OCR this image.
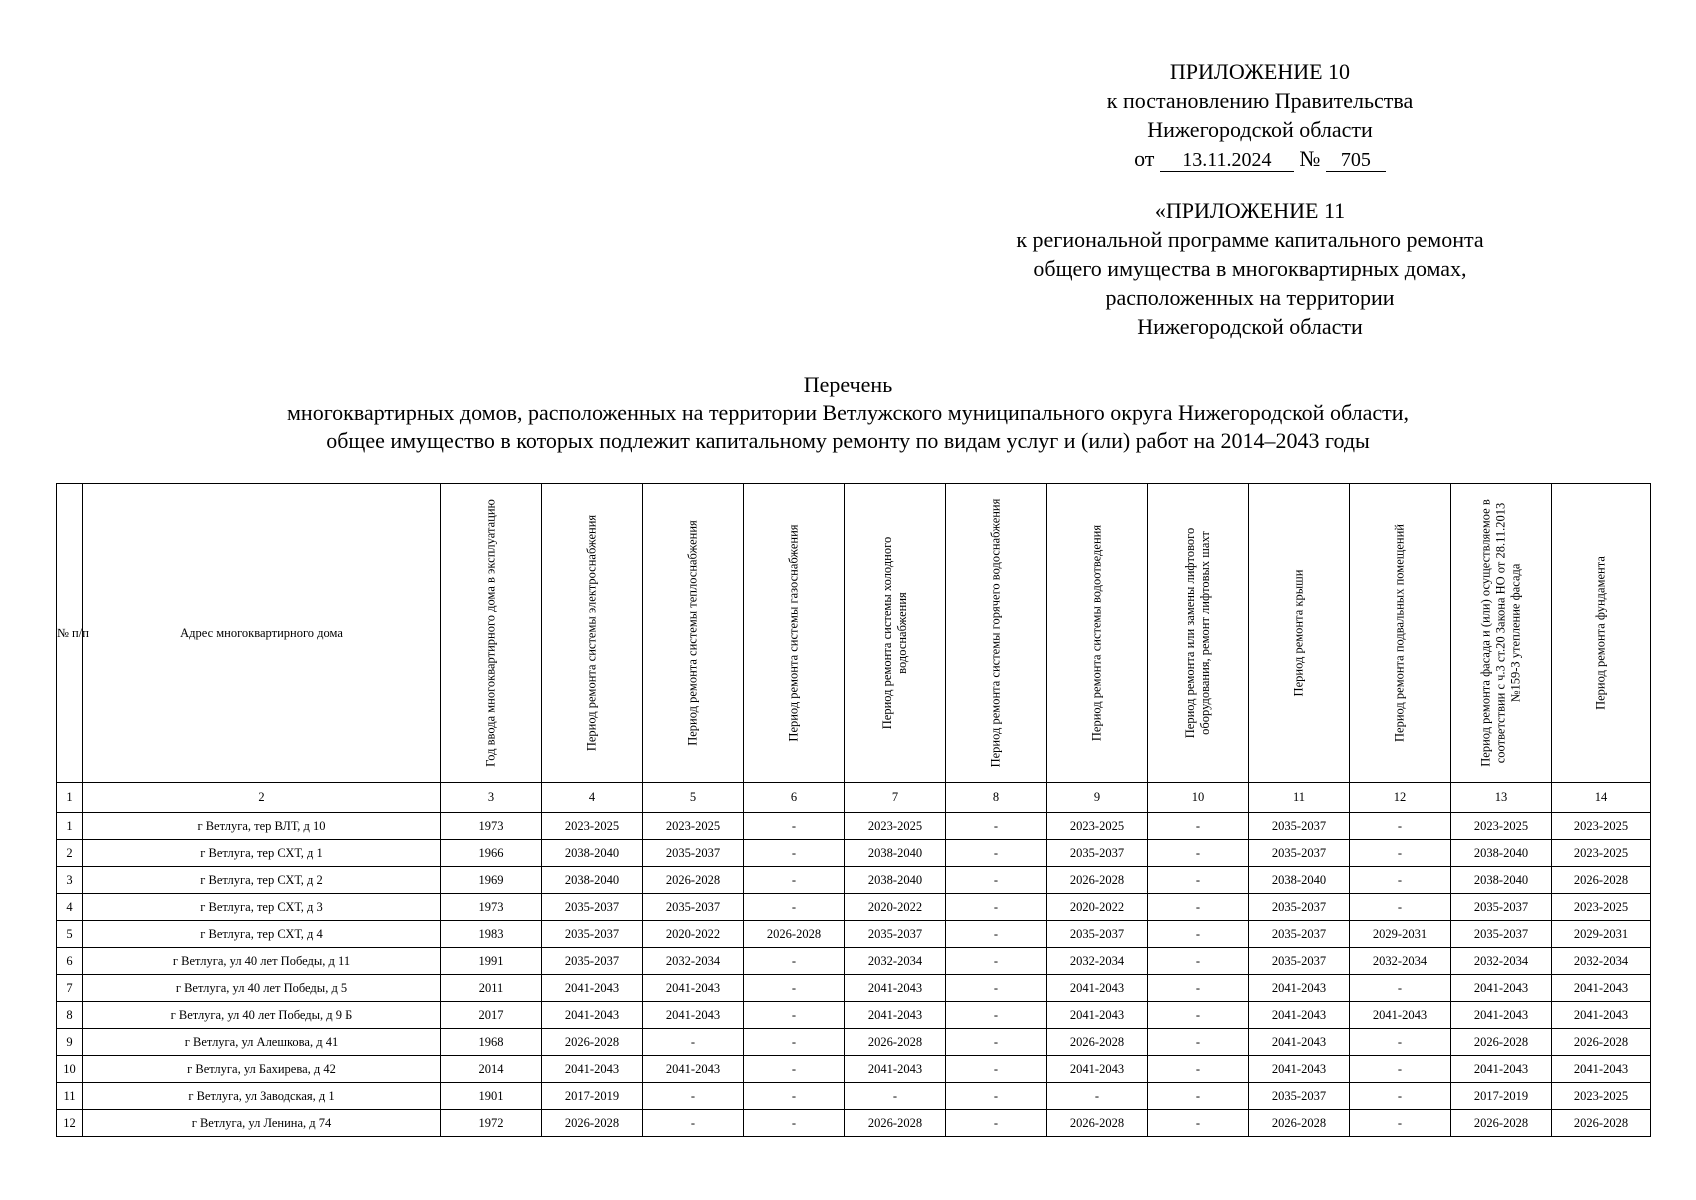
ПРИЛОЖЕНИЕ 10
к постановлению Правительства
Нижегородской области
от 13.11.2024 № 705
«ПРИЛОЖЕНИЕ 11
к региональной программе капитального ремонта
общего имущества в многоквартирных домах,
расположенных на территории
Нижегородской области
Перечень
многоквартирных домов, расположенных на территории Ветлужского муниципального округа Нижегородской области,
общее имущество в которых подлежит капитальному ремонту по видам услуг и (или) работ на 2014–2043 годы
№ п/п	Адрес многоквартирного дома	Год ввода многоквартирного дома в эксплуатацию	Период ремонта системы электроснабжения	Период ремонта системы теплоснабжения	Период ремонта системы газоснабжения	Период ремонта системы холодного водоснабжения	Период ремонта системы горячего водоснабжения	Период ремонта системы водоотведения	Период ремонта или замены лифтового оборудования, ремонт лифтовых шахт	Период ремонта крыши	Период ремонта подвальных помещений	Период ремонта фасада и (или) осуществляемое в соответствии с ч.3 ст.20 Закона НО от 28.11.2013 №159-З утепление фасада	Период ремонта фундамента

1	2	3	4	5	6	7	8	9	10	11	12	13	14
1	г Ветлуга, тер ВЛТ, д 10	1973	2023-2025	2023-2025	-	2023-2025	-	2023-2025	-	2035-2037	-	2023-2025	2023-2025
2	г Ветлуга, тер СХТ, д 1	1966	2038-2040	2035-2037	-	2038-2040	-	2035-2037	-	2035-2037	-	2038-2040	2023-2025
3	г Ветлуга, тер СХТ, д 2	1969	2038-2040	2026-2028	-	2038-2040	-	2026-2028	-	2038-2040	-	2038-2040	2026-2028
4	г Ветлуга, тер СХТ, д 3	1973	2035-2037	2035-2037	-	2020-2022	-	2020-2022	-	2035-2037	-	2035-2037	2023-2025
5	г Ветлуга, тер СХТ, д 4	1983	2035-2037	2020-2022	2026-2028	2035-2037	-	2035-2037	-	2035-2037	2029-2031	2035-2037	2029-2031
6	г Ветлуга, ул 40 лет Победы, д 11	1991	2035-2037	2032-2034	-	2032-2034	-	2032-2034	-	2035-2037	2032-2034	2032-2034	2032-2034
7	г Ветлуга, ул 40 лет Победы, д 5	2011	2041-2043	2041-2043	-	2041-2043	-	2041-2043	-	2041-2043	-	2041-2043	2041-2043
8	г Ветлуга, ул 40 лет Победы, д 9 Б	2017	2041-2043	2041-2043	-	2041-2043	-	2041-2043	-	2041-2043	2041-2043	2041-2043	2041-2043
9	г Ветлуга, ул Алешкова, д 41	1968	2026-2028	-	-	2026-2028	-	2026-2028	-	2041-2043	-	2026-2028	2026-2028
10	г Ветлуга, ул Бахирева, д 42	2014	2041-2043	2041-2043	-	2041-2043	-	2041-2043	-	2041-2043	-	2041-2043	2041-2043
11	г Ветлуга, ул Заводская, д 1	1901	2017-2019	-	-	-	-	-	-	2035-2037	-	2017-2019	2023-2025
12	г Ветлуга, ул Ленина, д 74	1972	2026-2028	-	-	2026-2028	-	2026-2028	-	2026-2028	-	2026-2028	2026-2028
